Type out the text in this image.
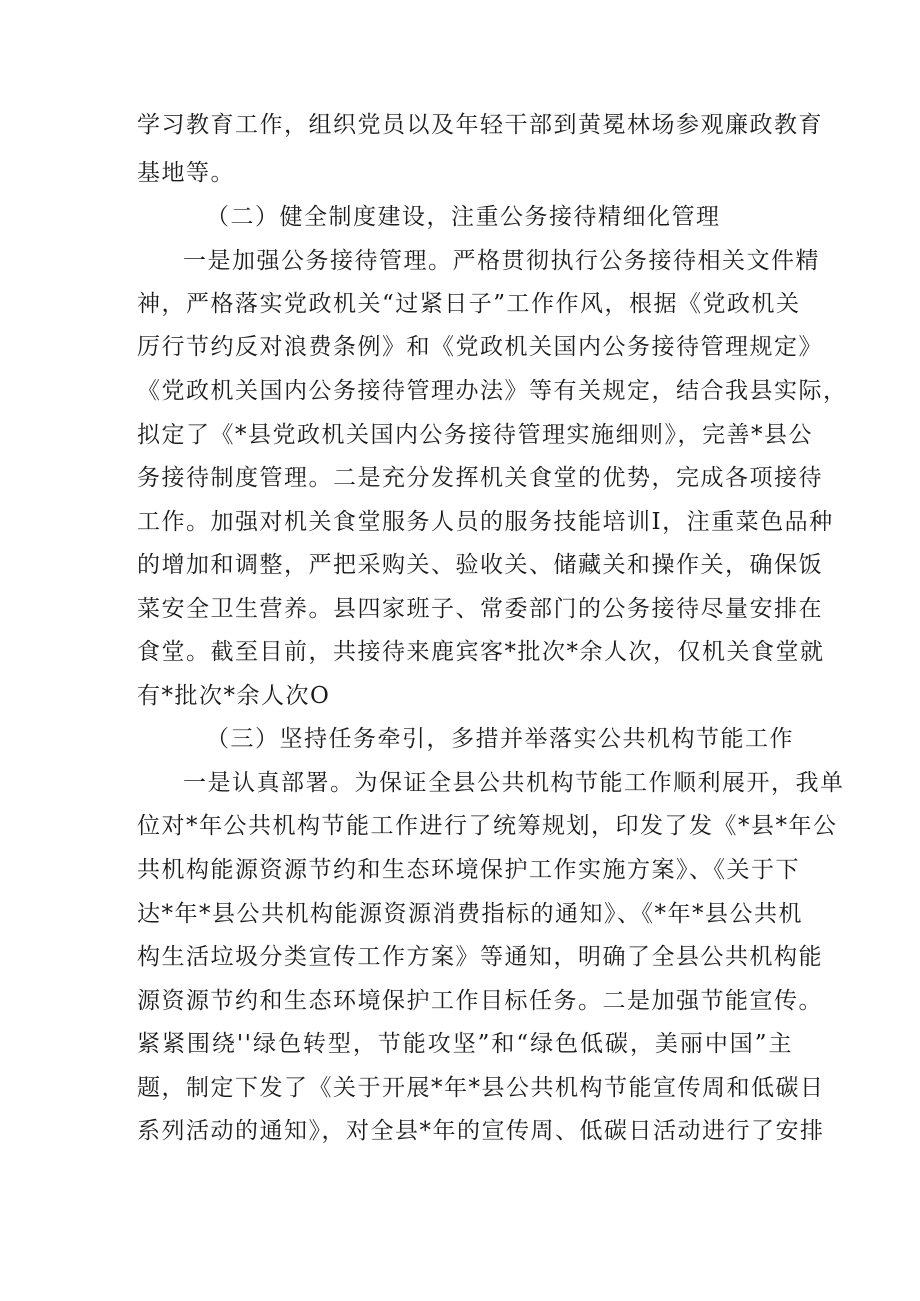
学习教育工作，组织党员以及年轻干部到黄冕林场参观廉政教育
基地等。
（二）健全制度建设，注重公务接待精细化管理
一是加强公务接待管理。严格贯彻执行公务接待相关文件精
神，严格落实党政机关“过紧日子”工作作风，根据《党政机关
厉行节约反对浪费条例》和《党政机关国内公务接待管理规定》
《党政机关国内公务接待管理办法》等有关规定，结合我县实际，
拟定了《*县党政机关国内公务接待管理实施细则》，完善*县公
务接待制度管理。二是充分发挥机关食堂的优势，完成各项接待
工作。加强对机关食堂服务人员的服务技能培训I，注重菜色品种
的增加和调整，严把采购关、验收关、储藏关和操作关，确保饭
菜安全卫生营养。县四家班子、常委部门的公务接待尽量安排在
食堂。截至目前，共接待来鹿宾客*批次*余人次，仅机关食堂就
有*批次*余人次O
（三）坚持任务牵引，多措并举落实公共机构节能工作
一是认真部署。为保证全县公共机构节能工作顺利展开，我单
位对*年公共机构节能工作进行了统筹规划，印发了发《*县*年公
共机构能源资源节约和生态环境保护工作实施方案》、《关于下
达*年*县公共机构能源资源消费指标的通知》、《*年*县公共机
构生活垃圾分类宣传工作方案》等通知，明确了全县公共机构能
源资源节约和生态环境保护工作目标任务。二是加强节能宣传。
紧紧围绕''绿色转型，节能攻坚”和“绿色低碳，美丽中国”主
题，制定下发了《关于开展*年*县公共机构节能宣传周和低碳日
系列活动的通知》，对全县*年的宣传周、低碳日活动进行了安排
